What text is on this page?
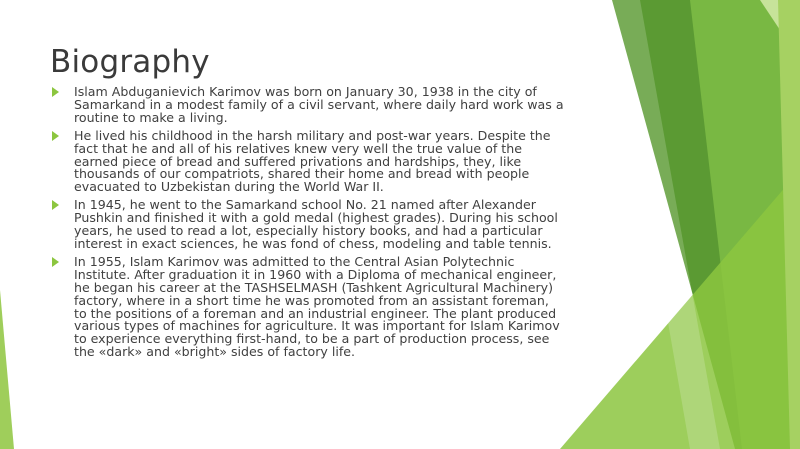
ysoft
Biography
Islam Abduganievich Karimov was born on January 30, 1938 in the city of Samarkand in a modest family of a civil servant, where daily hard work was a routine to make a living.
He lived his childhood in the harsh military and post-war years. Despite the fact that he and all of his relatives knew very well the true value of the earned piece of bread and suffered privations and hardships, they, like thousands of our compatriots, shared their home and bread with people evacuated to Uzbekistan during the World War II.
In 1945, he went to the Samarkand school No. 21 named after Alexander Pushkin and finished it with a gold medal (highest grades). During his school years, he used to read a lot, especially history books, and had a particular interest in exact sciences, he was fond of chess, modeling and table tennis.
In 1955, Islam Karimov was admitted to the Central Asian Polytechnic Institute. After graduation it in 1960 with a Diploma of mechanical engineer, he began his career at the TASHSELMASH (Tashkent Agricultural Machinery) factory, where in a short time he was promoted from an assistant foreman, to the positions of a foreman and an industrial engineer. The plant produced various types of machines for agriculture. It was important for Islam Karimov to experience everything first-hand, to be a part of production process, see the «dark» and «bright» sides of factory life.
